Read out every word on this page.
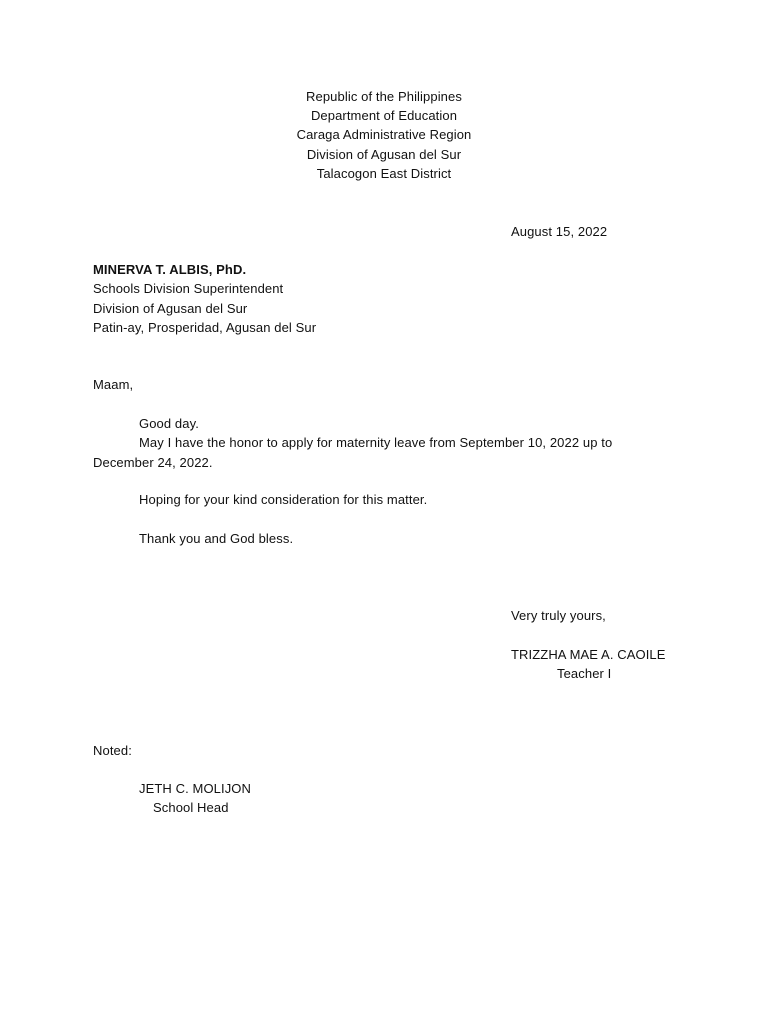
Republic of the Philippines

Department of Education

Caraga Administrative Region

Division of Agusan del Sur

Talacogon East District

August 15, 2022

MINERVA T. ALBIS, PhD.

Schools Division Superintendent

Division of Agusan del Sur

Patin-ay, Prosperidad, Agusan del Sur

Maam,

Good day.

May I have the honor to apply for maternity leave from September 10, 2022 up to

December 24, 2022.

Hoping for your kind consideration for this matter.

Thank you and God bless.

Very truly yours,

TRIZZHA MAE A. CAOILE

Teacher I

Noted:

JETH C. MOLIJON

School Head
